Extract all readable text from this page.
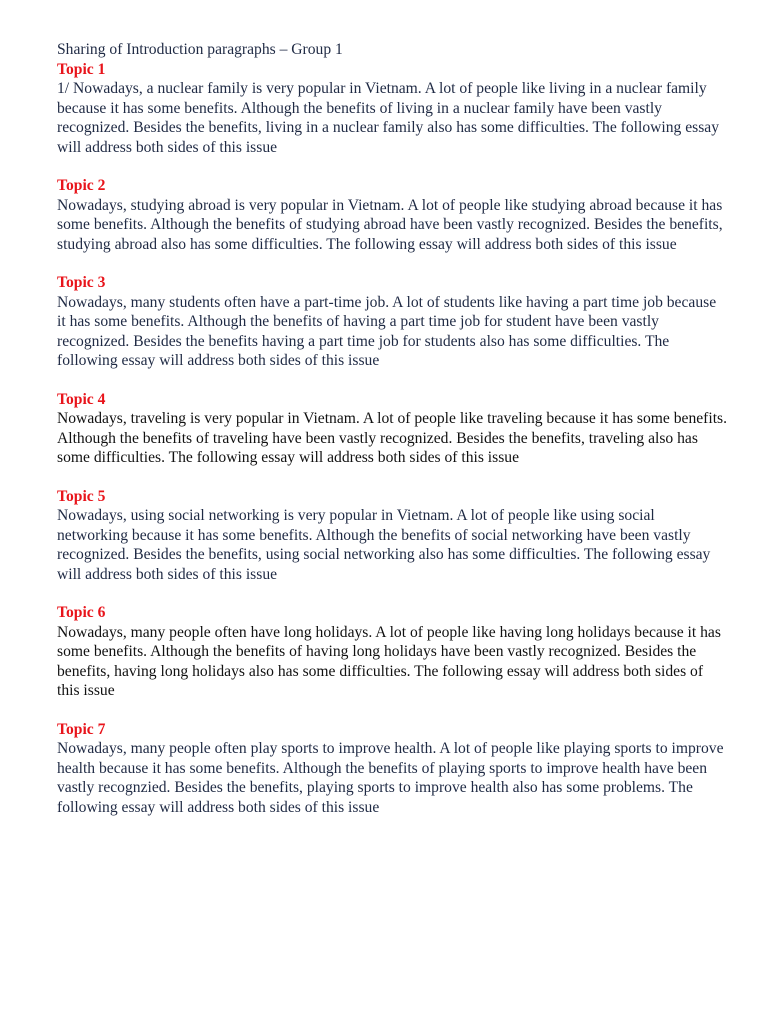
Sharing of Introduction paragraphs – Group 1

Topic 1

1/ Nowadays, a nuclear family is very popular in Vietnam. A lot of people like living in a nuclear family because it has some benefits. Although the benefits of living in a nuclear family have been vastly recognized. Besides the benefits, living in a nuclear family also has some difficulties. The following essay will address both sides of this issue

Topic 2

Nowadays, studying abroad is very popular in Vietnam. A lot of people like studying abroad because it has some benefits. Although the benefits of studying abroad have been vastly recognized. Besides the benefits, studying abroad also has some difficulties. The following essay will address both sides of this issue

Topic 3

Nowadays, many students often have a part-time job. A lot of students like having a part time job because it has some benefits. Although the benefits of having a part time job for student have been vastly recognized. Besides the benefits having a part time job for students also has some difficulties. The following essay will address both sides of this issue

Topic 4

Nowadays, traveling is very popular in Vietnam. A lot of people like traveling because it has some benefits. Although the benefits of traveling have been vastly recognized. Besides the benefits, traveling also has some difficulties. The following essay will address both sides of this issue

Topic 5

Nowadays, using social networking is very popular in Vietnam. A lot of people like using social networking because it has some benefits. Although the benefits of social networking have been vastly recognized. Besides the benefits, using social networking also has some difficulties. The following essay will address both sides of this issue

Topic 6

Nowadays, many people often have long holidays. A lot of people like having long holidays because it has some benefits. Although the benefits of having long holidays have been vastly recognized. Besides the benefits, having long holidays also has some difficulties. The following essay will address both sides of this issue

Topic 7

Nowadays, many people often play sports to improve health. A lot of people like playing sports to improve health because it has some benefits. Although the benefits of playing sports to improve health have been vastly recognzied. Besides the benefits, playing sports to improve health also has some problems. The following essay will address both sides of this issue
